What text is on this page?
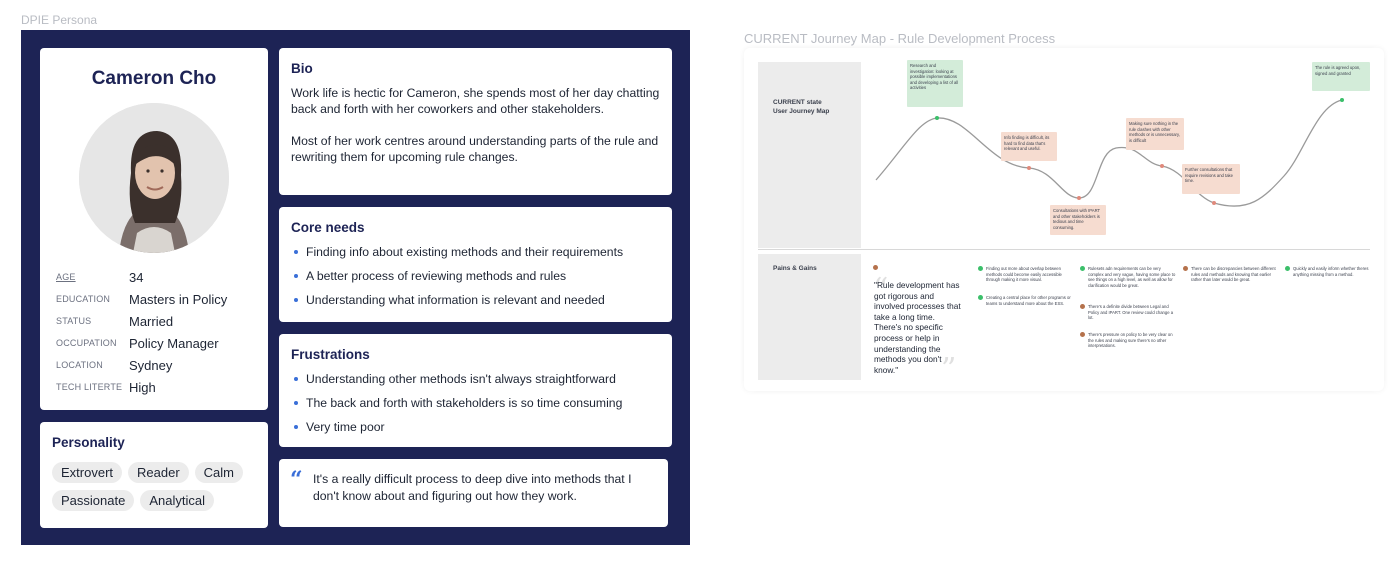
DPIE Persona
Cameron Cho
AGE	34
EDUCATION	Masters in Policy
STATUS	Married
OCCUPATION Policy Manager
LOCATION	Sydney
TECH LITERTE High
Personality
Extrovert	Reader	Calm
Passionate	Analytical
Bio

Work life is hectic for Cameron, she spends most of her day chatting back and forth with her coworkers and other stakeholders.

Most of her work centres around understanding parts of the rule and rewriting them for upcoming rule changes.

Core needs
Finding info about existing methods and their requirements
A better process of reviewing methods and rules
Understanding what information is relevant and needed
Frustrations
Understanding other methods isn't always straightforward
The back and forth with stakeholders is so time consuming
Very time poor
“ It's a really difficult process to deep dive into methods that I don't know about and figuring out how they work.
CURRENT Journey Map - Rule Development Process
CURRENT state
User Journey Map
Pains & Gains
Research and investigation: looking at possible implementations and developing a list of all activities
Info finding is difficult, its hard to find data that's relevant and useful.
Consultations with IPART and other stakeholders is tedious and time consuming.
Making sure nothing in the rule clashes with other methods or is unnecessary, is difficult
Further consultations that require revisions and take time.
The rule is agreed upon, signed and granted
“
”
"Rule development has got rigorous and involved processes that take a long time. There's no specific process or help in understanding the methods you don't know."
Finding out more about overlap between methods could become easily accessible through making it more visual.
Creating a central place for other programs or teams to understand more about the ESS.
Rulesets adn requirements can be very complex and very vague, having some place to see things on a high level, as well as allow for clarification would be great.
There's a definite divide between Legal and Policy and IPART. One review could change a lot.
There's pressure on policy to be very clear on the rules and making sure there's no other interpretations.
There can be discrepancies between different rules and methods and knowing that earlier rather than later would be great.
Quickly and easily inform whether theres anything missing from a method.
